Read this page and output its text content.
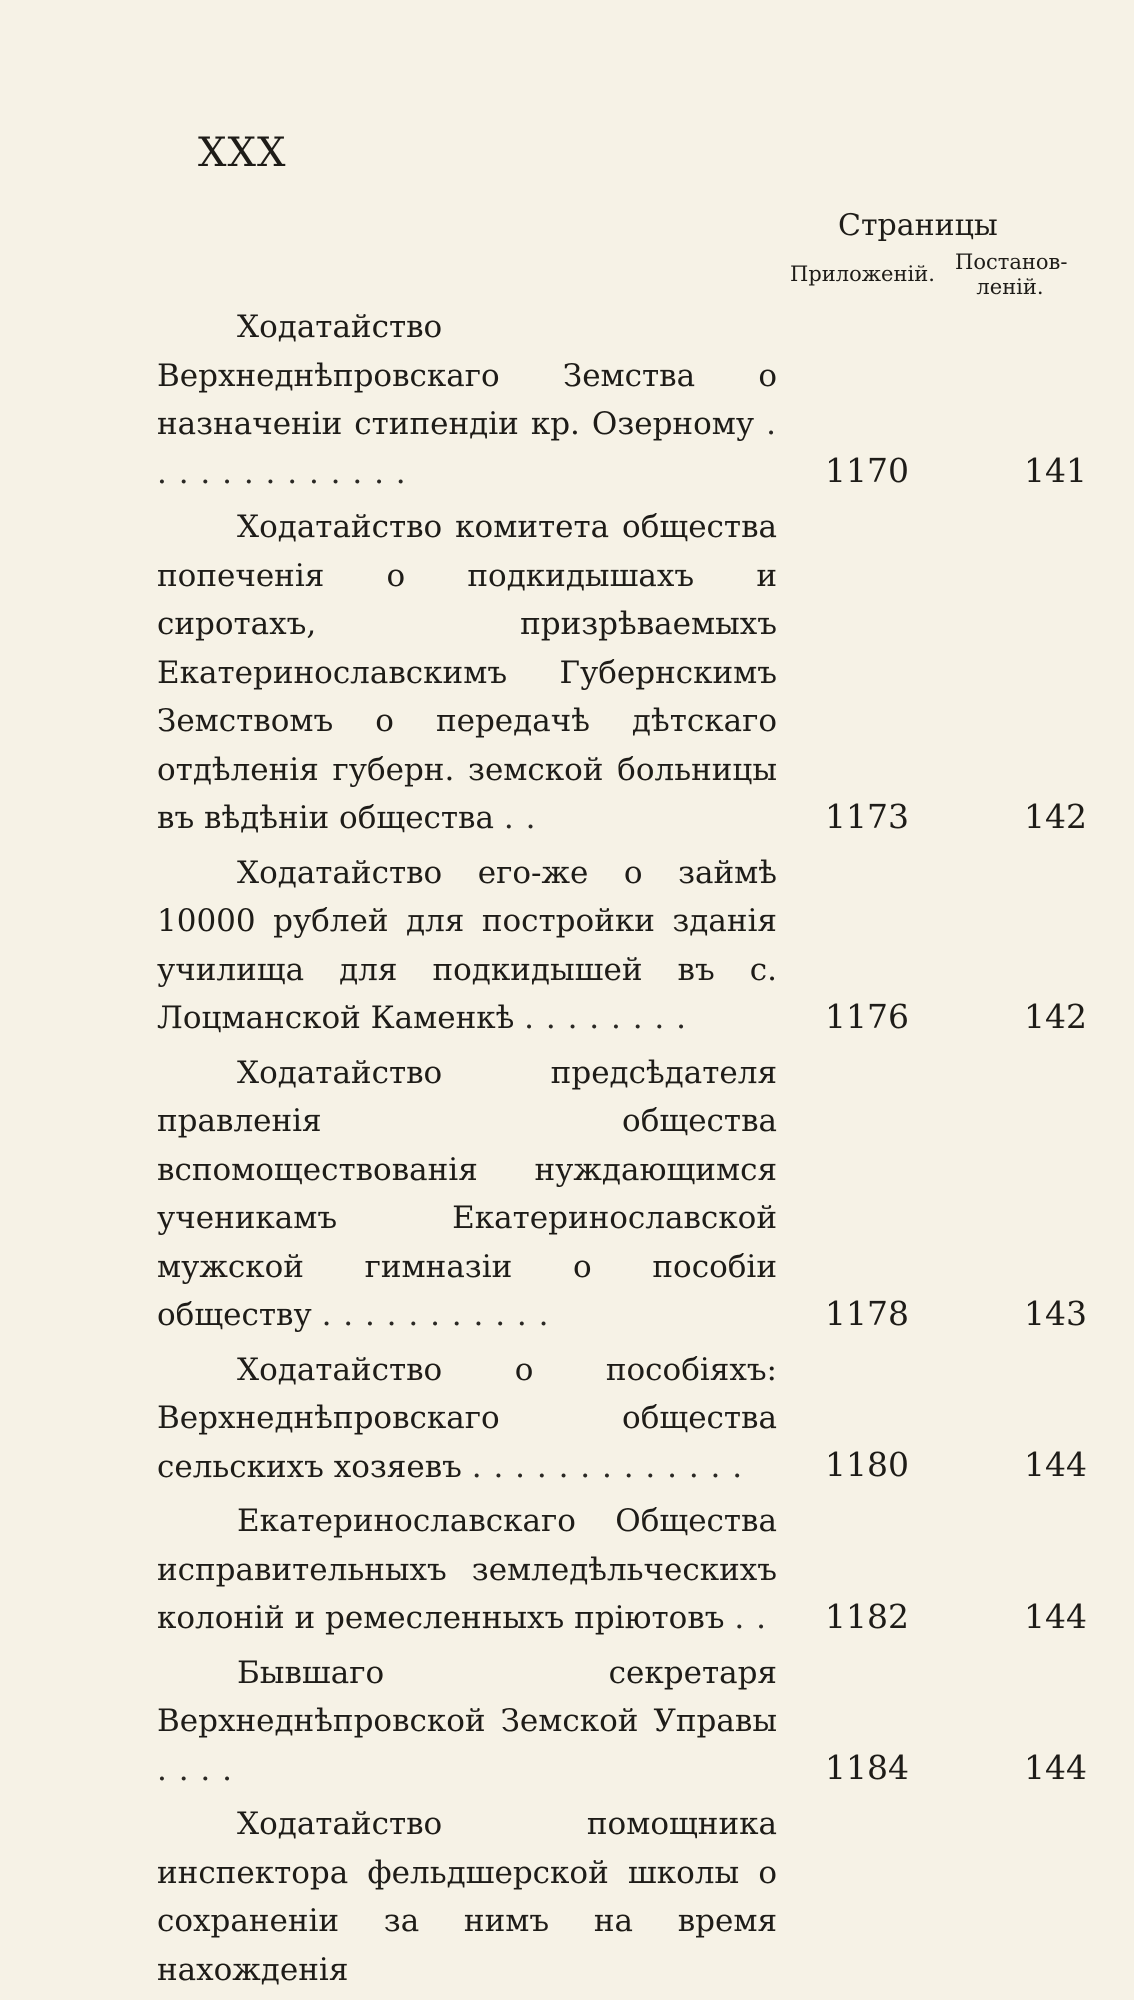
XXX
Страницы
Приложеній. Постанов-леній.
Ходатайство Верхнеднѣпровскаго Земства о назначеніи стипендіи кр. Озерному . . . . . . . . . . . . .	1170	141
Ходатайство комитета общества попеченія о подкидышахъ и сиротахъ, призрѣваемыхъ Екатеринославскимъ Губернскимъ Земствомъ о передачѣ дѣтскаго отдѣленія губерн. земской больницы въ вѣдѣніи общества . .	1173	142
Ходатайство его-же о займѣ 10000 рублей для постройки зданія училища для подкидышей въ с. Лоцманской Каменкѣ . . . . . . . .	1176	142
Ходатайство предсѣдателя правленія общества вспомоществованія нуждающимся ученикамъ Екатеринославской мужской гимназіи о пособіи обществу . . . . . . . . . . .	1178	143
Ходатайство о пособіяхъ: Верхнеднѣпровскаго общества сельскихъ хозяевъ . . . . . . . . . . . . .	1180	144
Екатеринославскаго Общества исправительныхъ земледѣльческихъ колоній и ремесленныхъ пріютовъ . .	1182	144
Бывшаго секретаря Верхнеднѣпровской Земской Управы . . . .	1184	144
Ходатайство помощника инспектора фельдшерской школы о сохраненіи за нимъ на время нахожденія
